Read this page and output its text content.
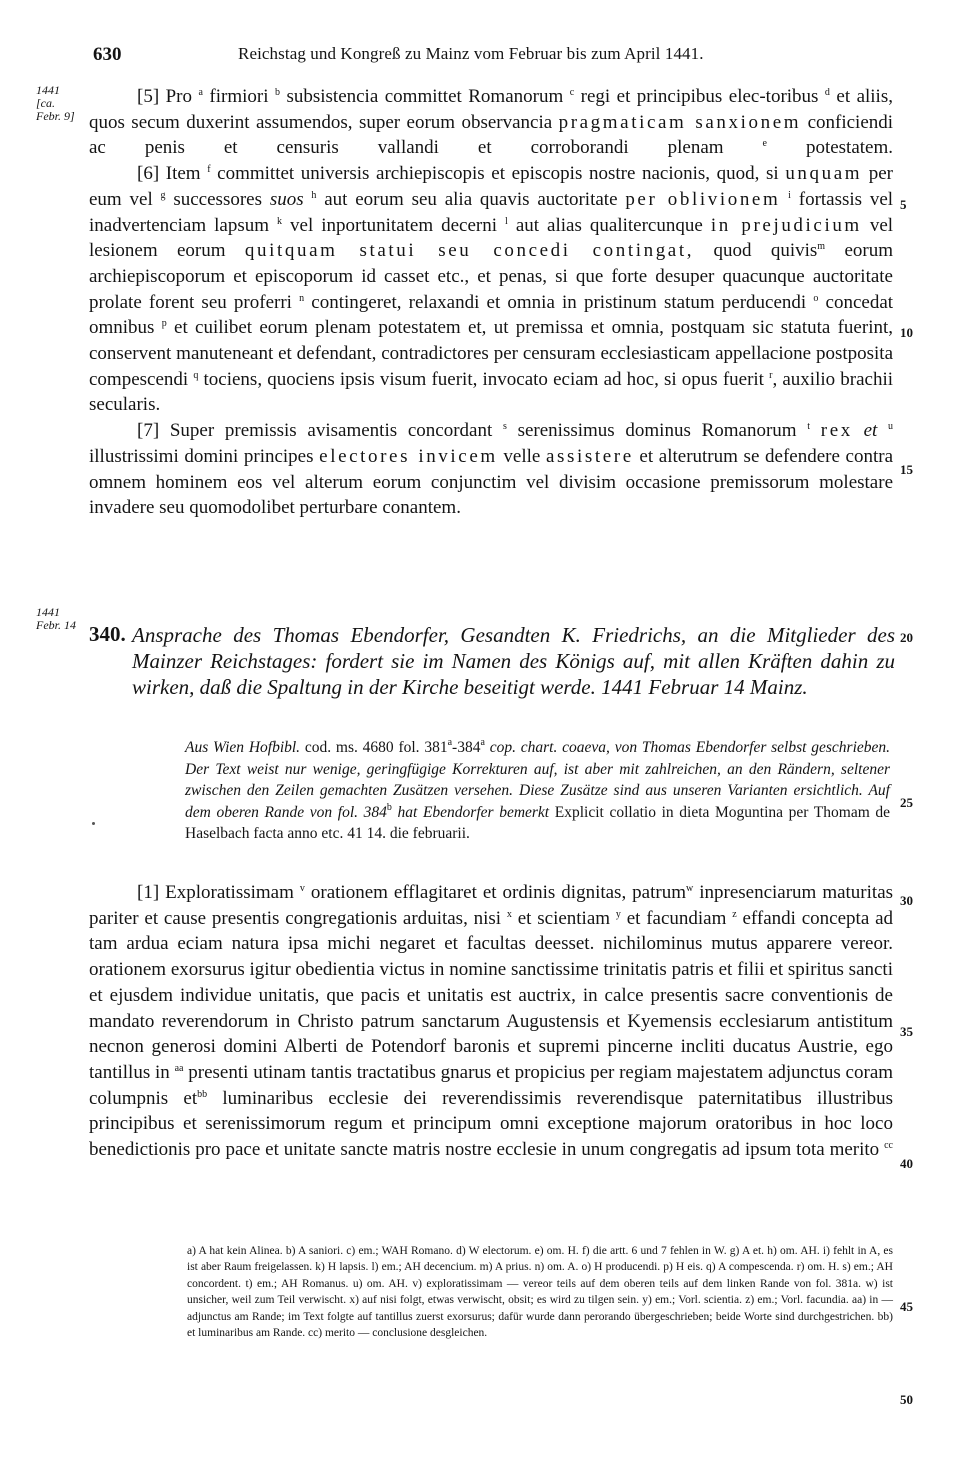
630	Reichstag und Kongreß zu Mainz vom Februar bis zum April 1441.
1441
[ca.
Febr. 9]
1441
Febr. 14
5
10
15
20
25
30
35
40
45
50

[5] Pro $^a$ firmiori $^b$ subsistencia committet Romanorum $^c$ regi et principibus elec-toribus $^d$ et aliis, quos secum duxerint assumendos, super eorum observancia pragmaticam sanxionem conficiendi ac penis et censuris vallandi et corroborandi plenam	$^e$ potestatem.

[6] Item $^f$ committet universis archiepiscopis et episcopis nostre nacionis, quod, si unquam per eum vel $^g$ successores suos $^h$ aut eorum seu alia quavis auctoritate per oblivionem $^i$ fortassis vel inadvertenciam lapsum $^k$ vel inportunitatem decerni $^l$ aut alias qualitercunque in prejudicium vel lesionem eorum quitquam statui seu concedi contingat, quod quivis$^m$ eorum archiepiscoporum et episcoporum id casset etc., et penas, si que forte desuper quacunque auctoritate prolate forent seu proferri $^n$ contingeret, relaxandi et omnia in pristinum statum perducendi $^o$ concedat omnibus $^p$ et cuilibet eorum plenam potestatem et, ut premissa et omnia, postquam sic statuta fuerint, conservent manuteneant et defendant, contradictores per censuram ecclesiasticam appellacione postposita compescendi $^q$ tociens, quociens ipsis visum fuerit, invocato eciam ad hoc, si opus fuerit $^r$, auxilio brachii secularis.

[7] Super premissis avisamentis concordant $^s$ serenissimus dominus Romanorum $^t$ rex et $^u$ illustrissimi domini principes electores invicem velle assistere et alterutrum se defendere contra omnem hominem eos vel alterum eorum conjunctim vel divisim occasione premissorum molestare invadere seu quomodolibet perturbare conantem.

340. Ansprache des Thomas Ebendorfer, Gesandten K. Friedrichs, an die Mitglieder des Mainzer Reichstages: fordert sie im Namen des Königs auf, mit allen Kräften dahin zu wirken, daß die Spaltung in der Kirche beseitigt werde. 1441 Februar 14 Mainz.
Aus Wien Hofbibl. cod. ms. 4680 fol. 381$^a$-384$^a$ cop. chart. coaeva, von Thomas Ebendorfer selbst geschrieben. Der Text weist nur wenige, geringfügige Korrekturen auf, ist aber mit zahlreichen, an den Rändern, seltener zwischen den Zeilen gemachten Zusätzen versehen. Diese Zusätze sind aus unseren Varianten ersichtlich. Auf dem oberen Rande von fol. 384$^b$ hat Ebendorfer bemerkt Explicit collatio in dieta Moguntina per Thomam de Haselbach facta anno etc. 41 14. die februarii.

[1] Exploratissimam $^v$ orationem efflagitaret et ordinis dignitas, patrum$^w$ inpresenciarum maturitas pariter et cause presentis congregationis arduitas, nisi $^x$ et scientiam $^y$ et facundiam $^z$ effandi concepta ad tam ardua eciam natura ipsa michi negaret et facultas deesset. nichilominus mutus apparere vereor. orationem exorsurus igitur obedientia victus in nomine sanctissime trinitatis patris et filii et spiritus sancti et ejusdem individue unitatis, que pacis et unitatis est auctrix, in calce presentis sacre conventionis de mandato reverendorum in Christo patrum sanctarum Augustensis et Kyemensis ecclesiarum antistitum necnon generosi domini Alberti de Potendorf baronis et supremi pincerne incliti ducatus Austrie, ego tantillus in $^{aa}$ presenti utinam tantis tractatibus gnarus et propicius per regiam majestatem adjunctus coram columpnis $et^{bb}$ luminaribus ecclesie dei reverendissimis reverendisque paternitatibus illustribus principibus et serenissimorum regum et principum omni exceptione majorum oratoribus in hoc loco benedictionis pro pace et unitate sancte matris nostre ecclesie in unum congregatis ad ipsum tota merito $^{cc}$

a) A hat kein Alinea. b) A saniori. c) em.; WAH Romano. d) W electorum. e) om. H. f) die artt. 6 und 7 fehlen in W. g) A et. h) om. AH. i) fehlt in A, es ist aber Raum freigelassen. k) H lapsis. l) em.; AH decencium. m) A prius. n) om. A. o) H producendi. p) H eis. q) A compescenda. r) om. H. s) em.; AH concordent. t) em.; AH Romanus. u) om. AH. v) exploratissimam — vereor teils auf dem oberen teils auf dem linken Rande von fol. 381a. w) ist unsicher, weil zum Teil verwischt. x) auf nisi folgt, etwas verwischt, obsit; es wird zu tilgen sein. y) em.; Vorl. scientia. z) em.; Vorl. facundia. aa) in — adjunctus am Rande; im Text folgte auf tantillus zuerst exorsurus; dafür wurde dann perorando übergeschrieben; beide Worte sind durchgestrichen. bb) et luminaribus am Rande. cc) merito — conclusione desgleichen.
